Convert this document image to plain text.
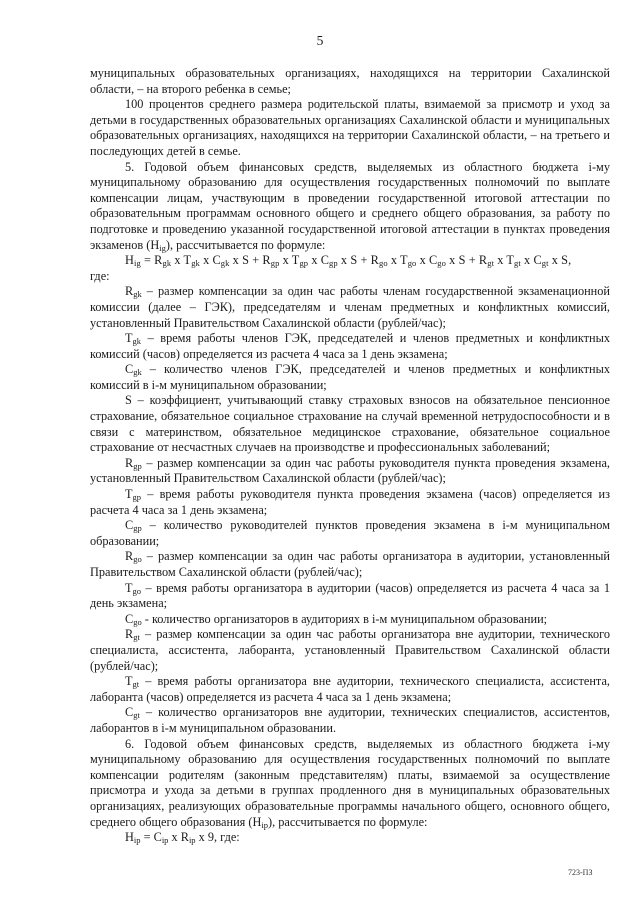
5

муниципальных образовательных организациях, находящихся на территории Сахалинской области, – на второго ребенка в семье;

100 процентов среднего размера родительской платы, взимаемой за присмотр и уход за детьми в государственных образовательных организациях Сахалинской области и муниципальных образовательных организациях, находящихся на территории Сахалинской области, – на третьего и последующих детей в семье.

5. Годовой объем финансовых средств, выделяемых из областного бюджета i-му муниципальному образованию для осуществления государственных полномочий по выплате компенсации лицам, участвующим в проведении государственной итоговой аттестации по образовательным программам основного общего и среднего общего образования, за работу по подготовке и проведению указанной государственной итоговой аттестации в пунктах проведения экзаменов $(H_{ig})$, рассчитывается по формуле:

$H_{ig} = R_{gk}$ x $T_{gk}$ x $C_{gk}$ x $S + R_{gp}$ x $T_{gp}$ x $C_{gp}$ x $S + R_{go}$ x $T_{go}$ x $C_{go}$ x $S + R_{gt}$ x $T_{gt}$ x $C_{gt}$ x S,

где:

$R_{gk}$ – размер компенсации за один час работы членам государственной экзаменационной комиссии (далее – ГЭК), председателям и членам предметных и конфликтных комиссий, установленный Правительством Сахалинской области (рублей/час);

$T_{gk}$ – время работы членов ГЭК, председателей и членов предметных и конфликтных комиссий (часов) определяется из расчета 4 часа за 1 день экзамена;

$C_{gk}$ – количество членов ГЭК, председателей и членов предметных и конфликтных комиссий в i-м муниципальном образовании;

S – коэффициент, учитывающий ставку страховых взносов на обязательное пенсионное страхование, обязательное социальное страхование на случай временной нетрудоспособности и в связи с материнством, обязательное медицинское страхование, обязательное социальное страхование от несчастных случаев на производстве и профессиональных заболеваний;

$R_{gp}$ – размер компенсации за один час работы руководителя пункта проведения экзамена, установленный Правительством Сахалинской области (рублей/час);

$T_{gp}$ – время работы руководителя пункта проведения экзамена (часов) определяется из расчета 4 часа за 1 день экзамена;

$C_{gp}$ – количество руководителей пунктов проведения экзамена в i-м муниципальном образовании;

$R_{go}$ – размер компенсации за один час работы организатора в аудитории, установленный Правительством Сахалинской области (рублей/час);

$T_{go}$ – время работы организатора в аудитории (часов) определяется из расчета 4 часа за 1 день экзамена;

$C_{go}$ - количество организаторов в аудиториях в i-м муниципальном образовании;

$R_{gt}$ – размер компенсации за один час работы организатора вне аудитории, технического специалиста, ассистента, лаборанта, установленный Правительством Сахалинской области (рублей/час);

$T_{gt}$ – время работы организатора вне аудитории, технического специалиста, ассистента, лаборанта (часов) определяется из расчета 4 часа за 1 день экзамена;

$C_{gt}$ – количество организаторов вне аудитории, технических специалистов, ассистентов, лаборантов в i-м муниципальном образовании.

6. Годовой объем финансовых средств, выделяемых из областного бюджета i-му муниципальному образованию для осуществления государственных полномочий по выплате компенсации родителям (законным представителям) платы, взимаемой за осуществление присмотра и ухода за детьми в группах продленного дня в муниципальных образовательных организациях, реализующих образовательные программы начального общего, основного общего, среднего общего образования $(H_{ip})$, рассчитывается по формуле:

$H_{ip} = C_{ip}$ x $R_{ip}$ x 9, где:

723-ПЗ
